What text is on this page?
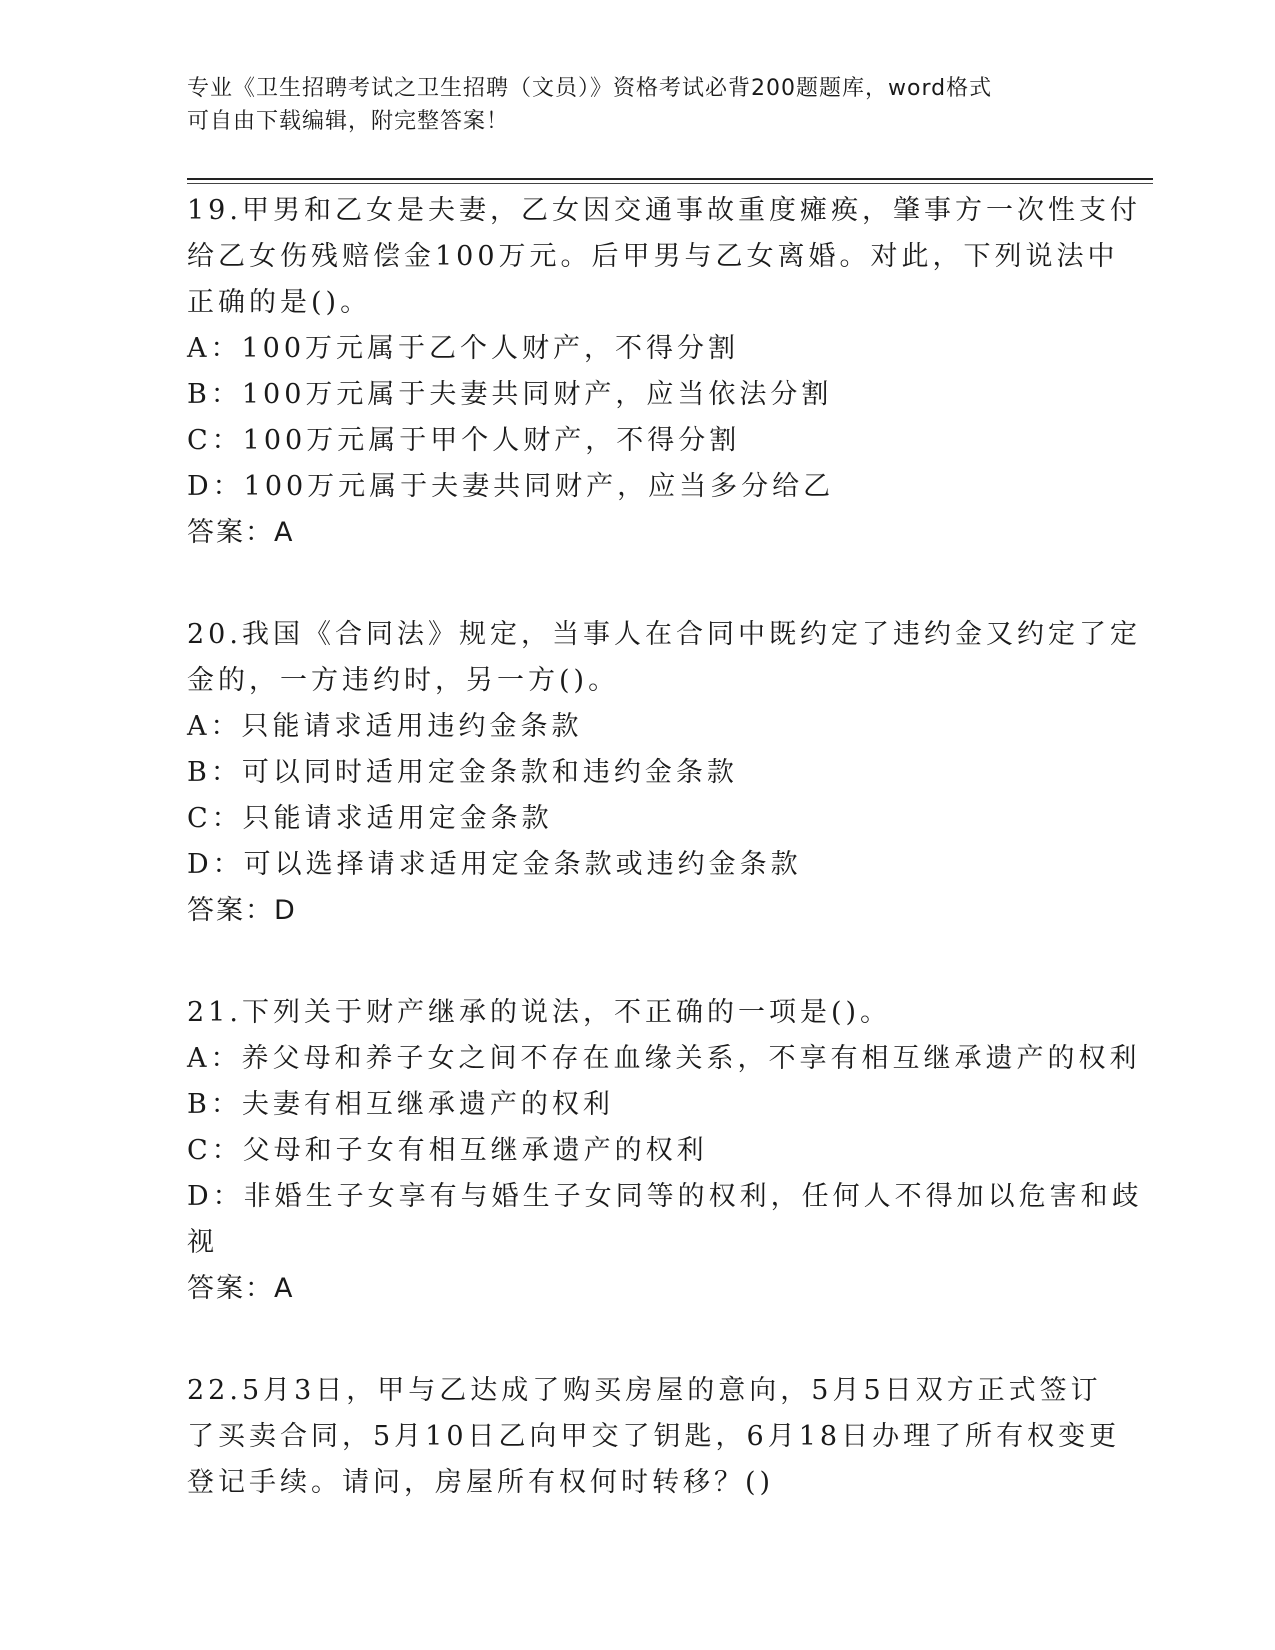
专业《卫生招聘考试之卫生招聘（文员）》资格考试必背200题题库，word格式
可自由下载编辑，附完整答案！
19.甲男和乙女是夫妻，乙女因交通事故重度瘫痪，肇事方一次性支付
给乙女伤残赔偿金100万元。后甲男与乙女离婚。对此，下列说法中
正确的是()。
A：100万元属于乙个人财产，不得分割
B：100万元属于夫妻共同财产，应当依法分割
C：100万元属于甲个人财产，不得分割
D：100万元属于夫妻共同财产，应当多分给乙
答案：A
20.我国《合同法》规定，当事人在合同中既约定了违约金又约定了定
金的，一方违约时，另一方()。
A：只能请求适用违约金条款
B：可以同时适用定金条款和违约金条款
C：只能请求适用定金条款
D：可以选择请求适用定金条款或违约金条款
答案：D
21.下列关于财产继承的说法，不正确的一项是()。
A：养父母和养子女之间不存在血缘关系，不享有相互继承遗产的权利
B：夫妻有相互继承遗产的权利
C：父母和子女有相互继承遗产的权利
D：非婚生子女享有与婚生子女同等的权利，任何人不得加以危害和歧
视
答案：A
22.5月3日，甲与乙达成了购买房屋的意向，5月5日双方正式签订
了买卖合同，5月10日乙向甲交了钥匙，6月18日办理了所有权变更
登记手续。请问，房屋所有权何时转移？()
